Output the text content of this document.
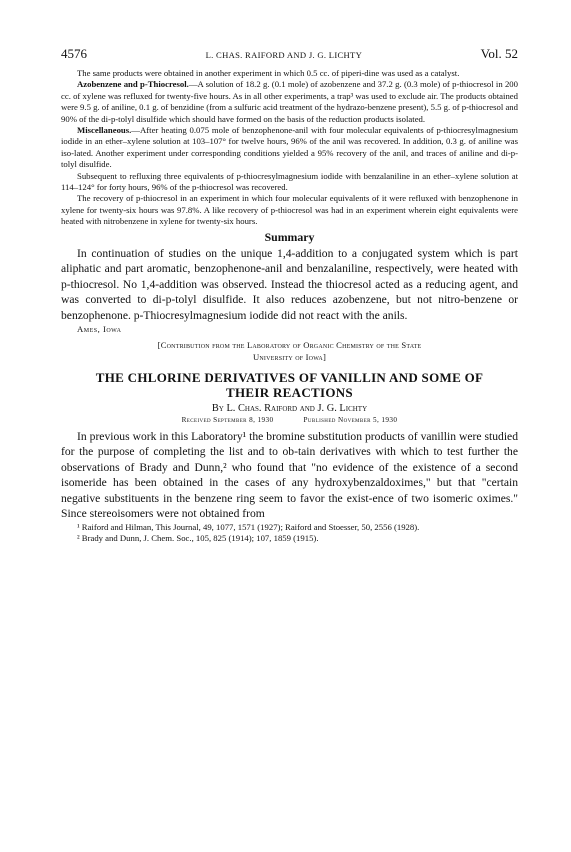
4576	L. CHAS. RAIFORD AND J. G. LICHTY	Vol. 52

The same products were obtained in another experiment in which 0.5 cc. of piperi-dine was used as a catalyst.

Azobenzene and p-Thiocresol.—A solution of 18.2 g. (0.1 mole) of azobenzene and 37.2 g. (0.3 mole) of p-thiocresol in 200 cc. of xylene was refluxed for twenty-five hours. As in all other experiments, a trap³ was used to exclude air. The products obtained were 9.5 g. of aniline, 0.1 g. of benzidine (from a sulfuric acid treatment of the hydrazo-benzene present), 5.5 g. of p-thiocresol and 90% of the di-p-tolyl disulfide which should have formed on the basis of the reduction products isolated.

Miscellaneous.—After heating 0.075 mole of benzophenone-anil with four molecular equivalents of p-thiocresylmagnesium iodide in an ether–xylene solution at 103–107° for twelve hours, 96% of the anil was recovered. In addition, 0.3 g. of aniline was iso-lated. Another experiment under corresponding conditions yielded a 95% recovery of the anil, and traces of aniline and di-p-tolyl disulfide.

Subsequent to refluxing three equivalents of p-thiocresylmagnesium iodide with benzalaniline in an ether–xylene solution at 114–124° for forty hours, 96% of the p-thiocresol was recovered.

The recovery of p-thiocresol in an experiment in which four molecular equivalents of it were refluxed with benzophenone in xylene for twenty-six hours was 97.8%. A like recovery of p-thiocresol was had in an experiment wherein eight equivalents were heated with nitrobenzene in xylene for twenty-six hours.

Summary

In continuation of studies on the unique 1,4-addition to a conjugated system which is part aliphatic and part aromatic, benzophenone-anil and benzalaniline, respectively, were heated with p-thiocresol. No 1,4-addition was observed. Instead the thiocresol acted as a reducing agent, and was converted to di-p-tolyl disulfide. It also reduces azobenzene, but not nitro-benzene or benzophenone. p-Thiocresylmagnesium iodide did not react with the anils.

Ames, Iowa
[Contribution from the Laboratory of Organic Chemistry of the State
University of Iowa]
THE CHLORINE DERIVATIVES OF VANILLIN AND SOME OF
THEIR REACTIONS
By L. Chas. Raiford and J. G. Lichty
Received September 8, 1930	Published November 5, 1930

In previous work in this Laboratory¹ the bromine substitution products of vanillin were studied for the purpose of completing the list and to ob-tain derivatives with which to test further the observations of Brady and Dunn,² who found that "no evidence of the existence of a second isomeride has been obtained in the cases of any hydroxybenzaldoximes," but that "certain negative substituents in the benzene ring seem to favor the exist-ence of two isomeric oximes." Since stereoisomers were not obtained from

¹ Raiford and Hilman, This Journal, 49, 1077, 1571 (1927); Raiford and Stoesser, 50, 2556 (1928).

² Brady and Dunn, J. Chem. Soc., 105, 825 (1914); 107, 1859 (1915).
